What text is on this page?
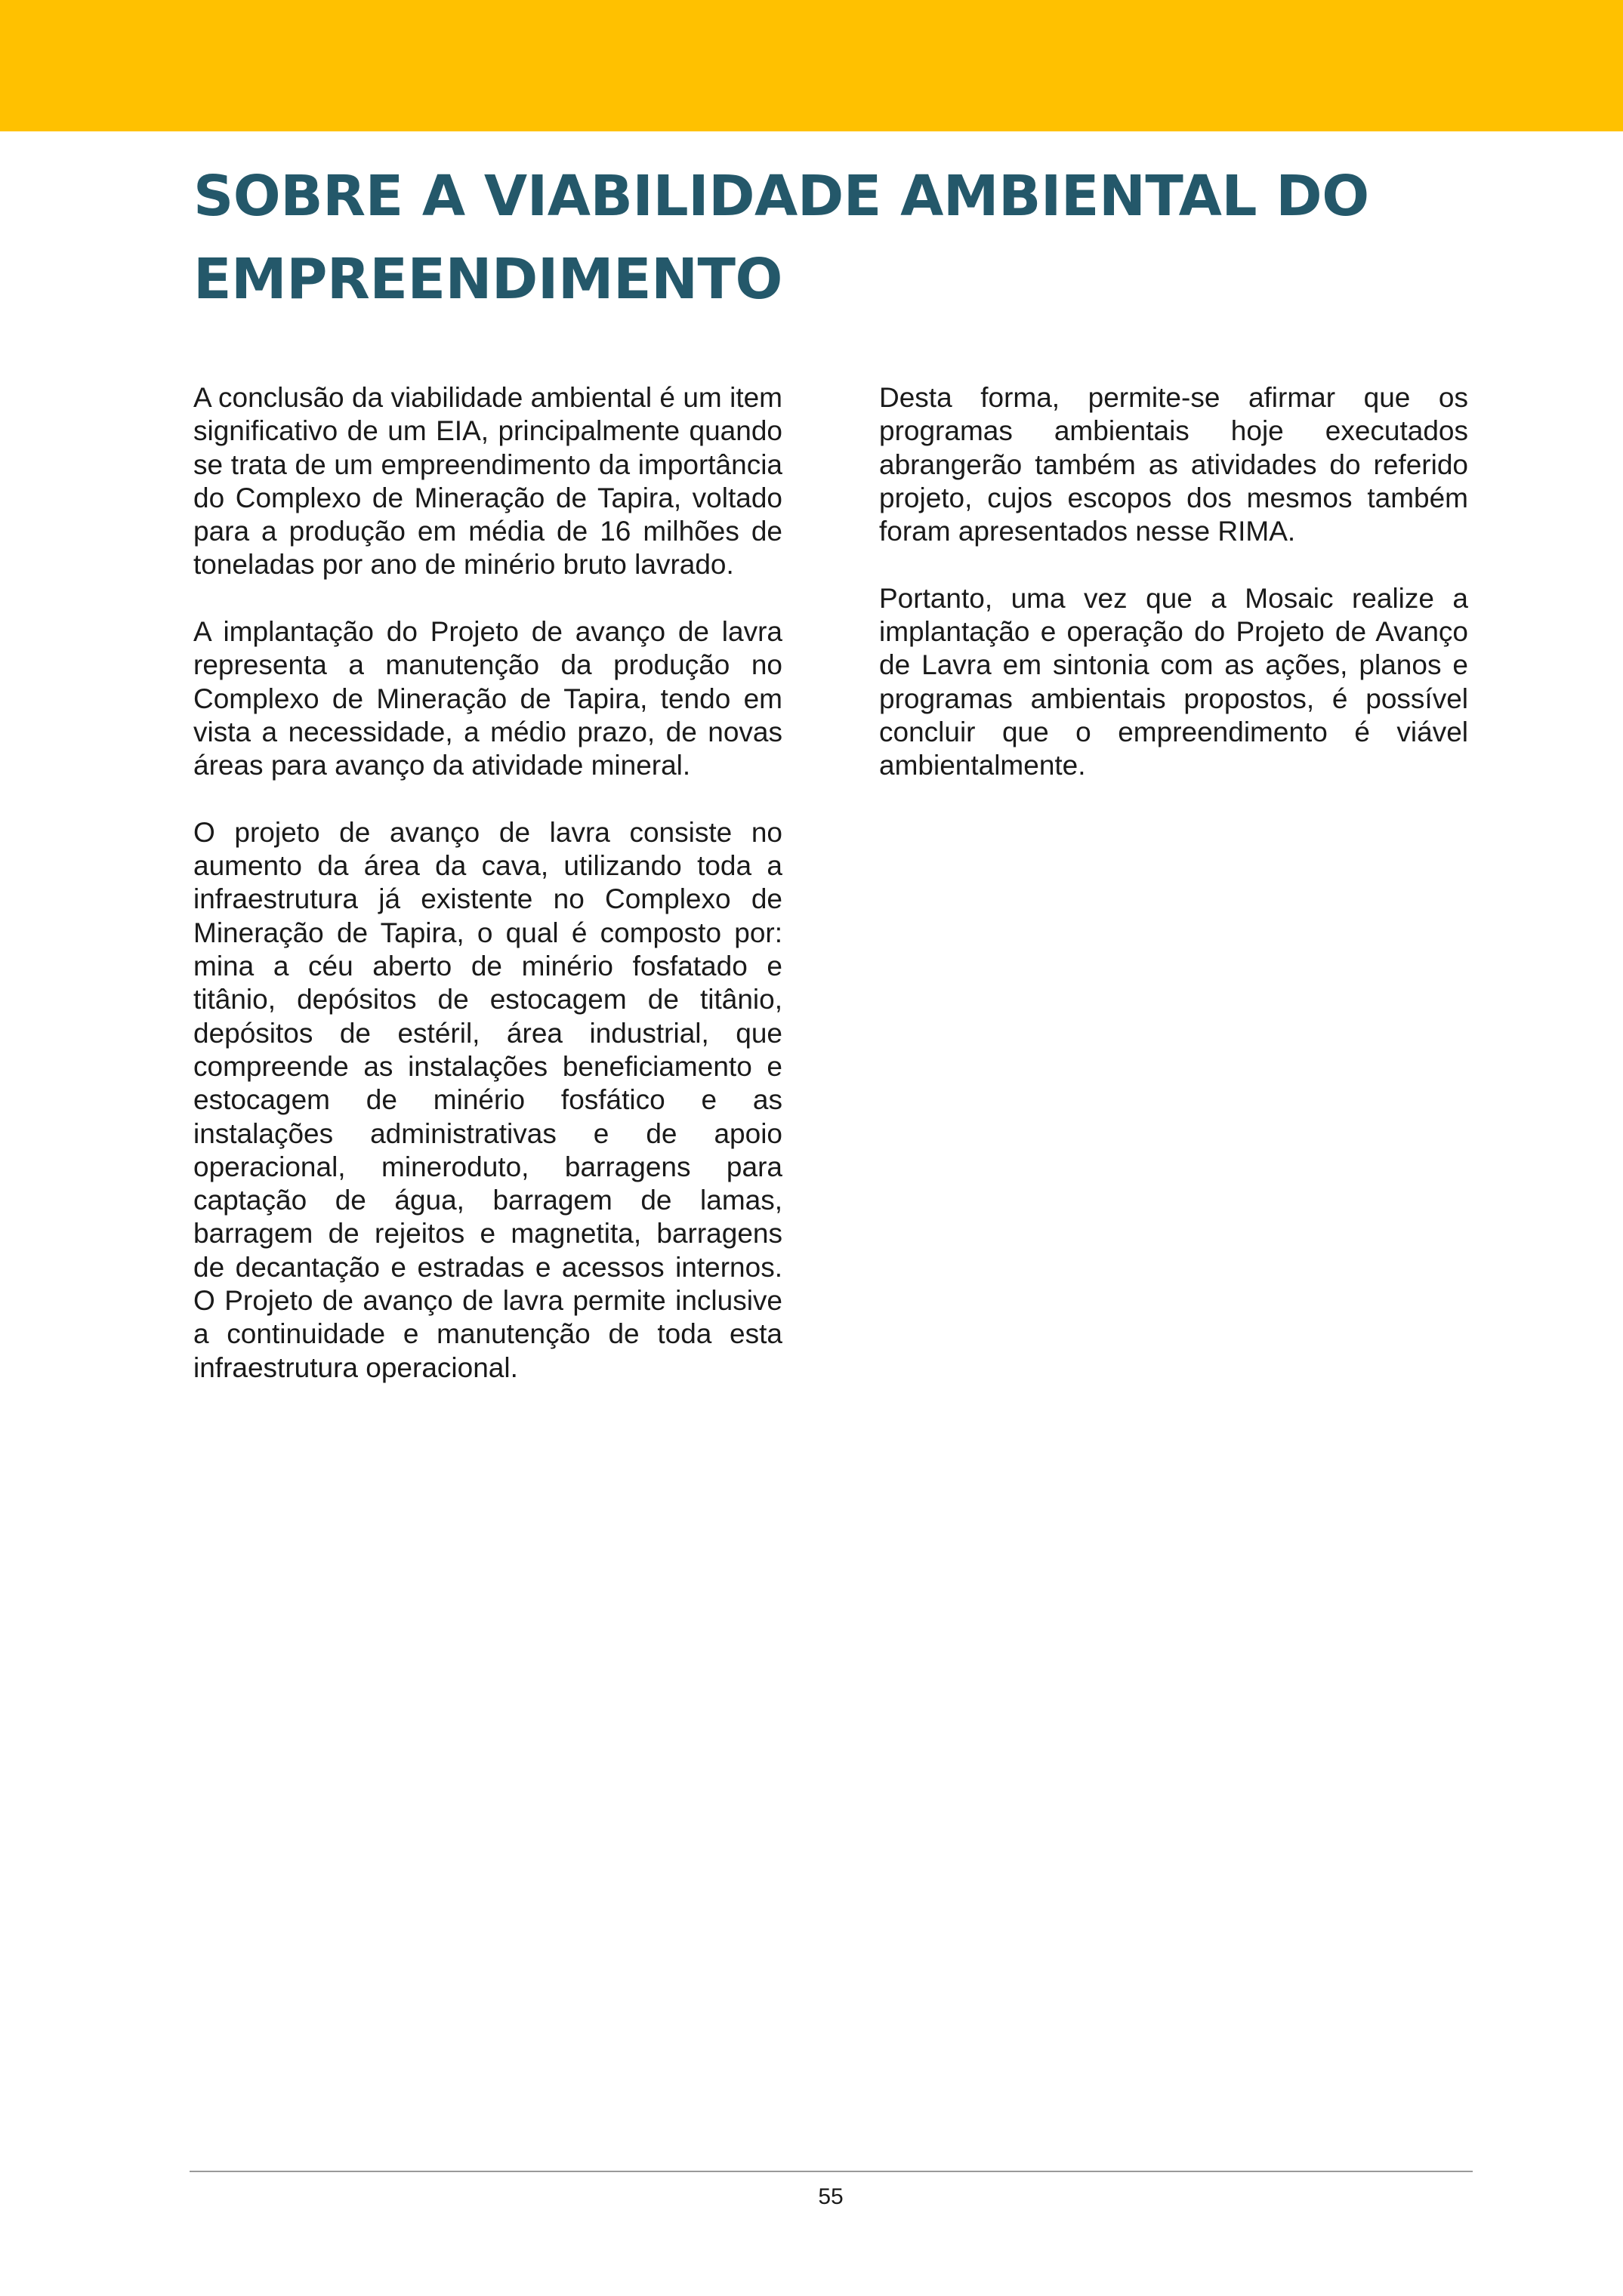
SOBRE A VIABILIDADE AMBIENTAL DO EMPREENDIMENTO

A conclusão da viabilidade ambiental é um item significativo de um EIA, principalmente quando se trata de um empreendimento da importância do Complexo de Mineração de Tapira, voltado para a produção em média de 16 milhões de toneladas por ano de minério bruto lavrado.

A implantação do Projeto de avanço de lavra representa a manutenção da produção no Complexo de Mineração de Tapira, tendo em vista a necessidade, a médio prazo, de novas áreas para avanço da atividade mineral.

O projeto de avanço de lavra consiste no aumento da área da cava, utilizando toda a infraestrutura já existente no Complexo de Mineração de Tapira, o qual é composto por: mina a céu aberto de minério fosfatado e titânio, depósitos de estocagem de titânio, depósitos de estéril, área industrial, que compreende as instalações beneficiamento e estocagem de minério fosfático e as instalações administrativas e de apoio operacional, mineroduto, barragens para captação de água, barragem de lamas, barragem de rejeitos e magnetita, barragens de decantação e estradas e acessos internos. O Projeto de avanço de lavra permite inclusive a continuidade e manutenção de toda esta infraestrutura operacional.

Desta forma, permite-se afirmar que os programas ambientais hoje executados abrangerão também as atividades do referido projeto, cujos escopos dos mesmos também foram apresentados nesse RIMA.

Portanto, uma vez que a Mosaic realize a implantação e operação do Projeto de Avanço de Lavra em sintonia com as ações, planos e programas ambientais propostos, é possível concluir que o empreendimento é viável ambientalmente.

55
